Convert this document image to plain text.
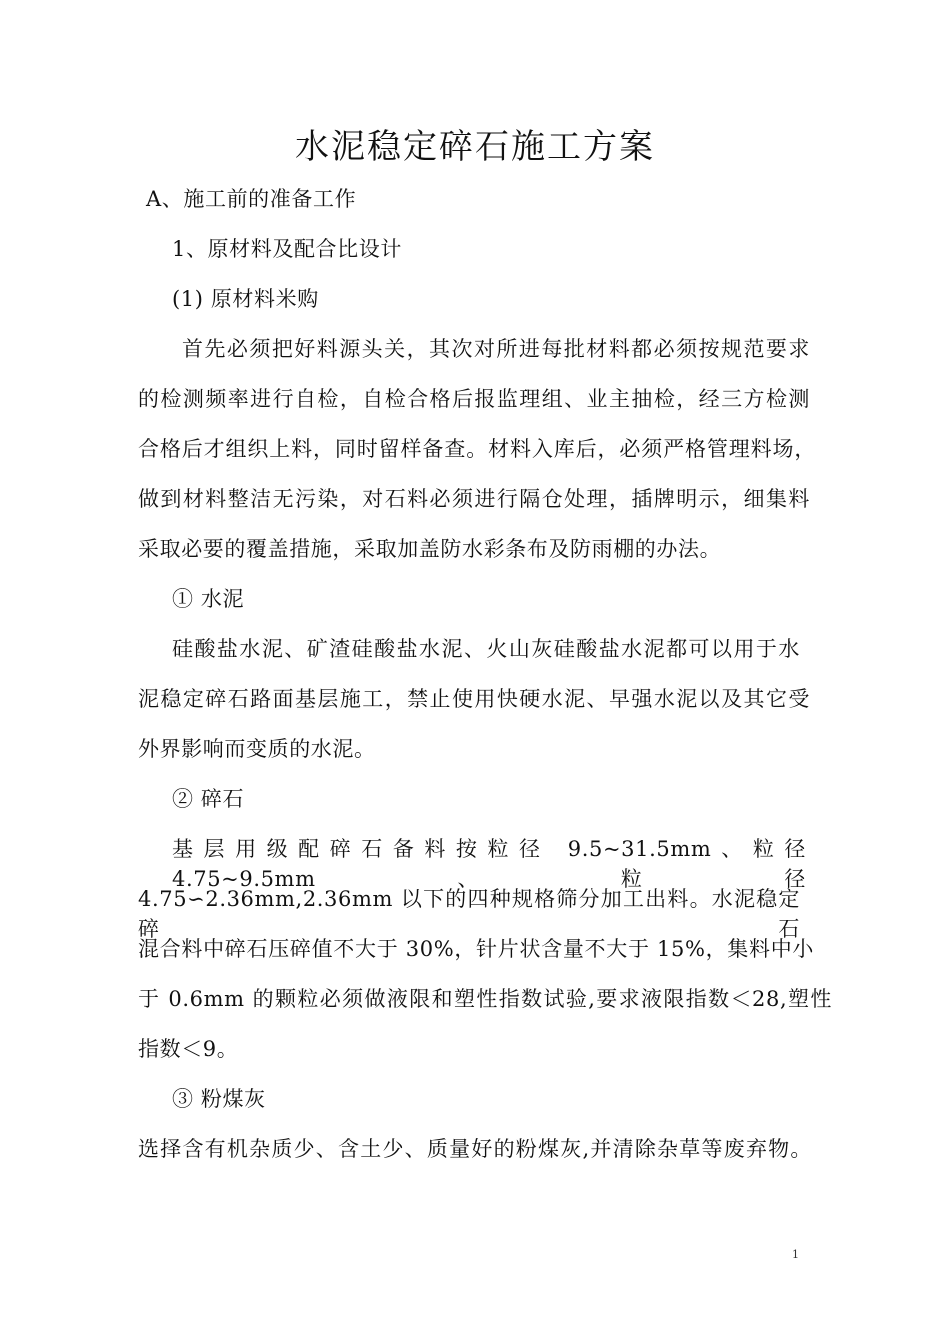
水泥稳定碎石施工方案
A、施工前的准备工作
1、原材料及配合比设计
(1) 原材料米购
首先必须把好料源头关，其次对所进每批材料都必须按规范要求
的检测频率进行自检，自检合格后报监理组、业主抽检，经三方检测
合格后才组织上料，同时留样备查。材料入库后，必须严格管理料场，
做到材料整洁无污染，对石料必须进行隔仓处理，插牌明示，细集料
采取必要的覆盖措施，采取加盖防水彩条布及防雨棚的办法。
① 水泥
硅酸盐水泥、矿渣硅酸盐水泥、火山灰硅酸盐水泥都可以用于水
泥稳定碎石路面基层施工，禁止使用快硬水泥、早强水泥以及其它受
外界影响而变质的水泥。
② 碎石
基层用级配碎石备料按粒径 9.5~31.5mm、粒径 4.75~9.5mm、粒径
4.75∽2.36mm,2.36mm 以下的四种规格筛分加工出料。水泥稳定碎石
混合料中碎石压碎值不大于 30%，针片状含量不大于 15%，集料中小
于 0.6mm 的颗粒必须做液限和塑性指数试验,要求液限指数＜28,塑性
指数＜9。
③ 粉煤灰
选择含有机杂质少、含土少、质量好的粉煤灰,并清除杂草等废弃物。
1
